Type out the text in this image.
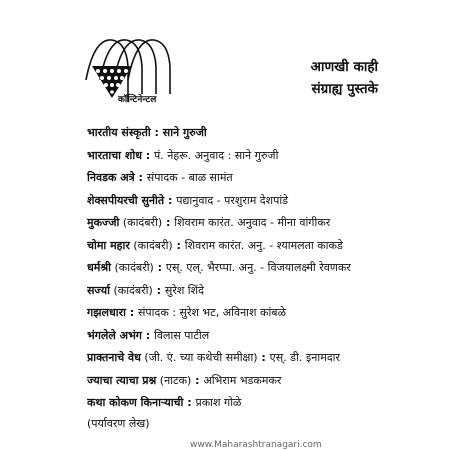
कॉन्टिनेन्टल
आणखी काही
संग्राह्य पुस्तके
भारतीय संस्कृती : साने गुरुजी
भारताचा शोध : पं. नेहरू. अनुवाद : साने गुरुजी
निवडक अत्रे : संपादक - बाळ सामंत
शेक्सपीयरची सुनीते : पद्यानुवाद - परशुराम देशपांडे
मुकज्जी (कादंबरी) : शिवराम कारंत. अनुवाद - मीना वांगीकर
चोमा महार (कादंबरी) : शिवराम कारंत. अनु. - श्यामलता काकडे
धर्मश्री (कादंबरी) : एस्. एल्. भैरप्पा. अनु. - विजयालक्ष्मी रेवणकर
सर्ज्या (कादंबरी) : सुरेश शिंदे
गझलधारा : संपादक : सुरेश भट, अविनाश कांबळे
भंगलेले अभंग : विलास पाटील
प्राक्तनाचे वेध (जी. एं. च्या कथेची समीक्षा) : एस्. डी. इनामदार
ज्याचा त्याचा प्रश्न (नाटक) : अभिराम भडकमकर
कथा कोकण किनाऱ्याची : प्रकाश गोळे
(पर्यावरण लेख)
www.Maharashtranagari.com
